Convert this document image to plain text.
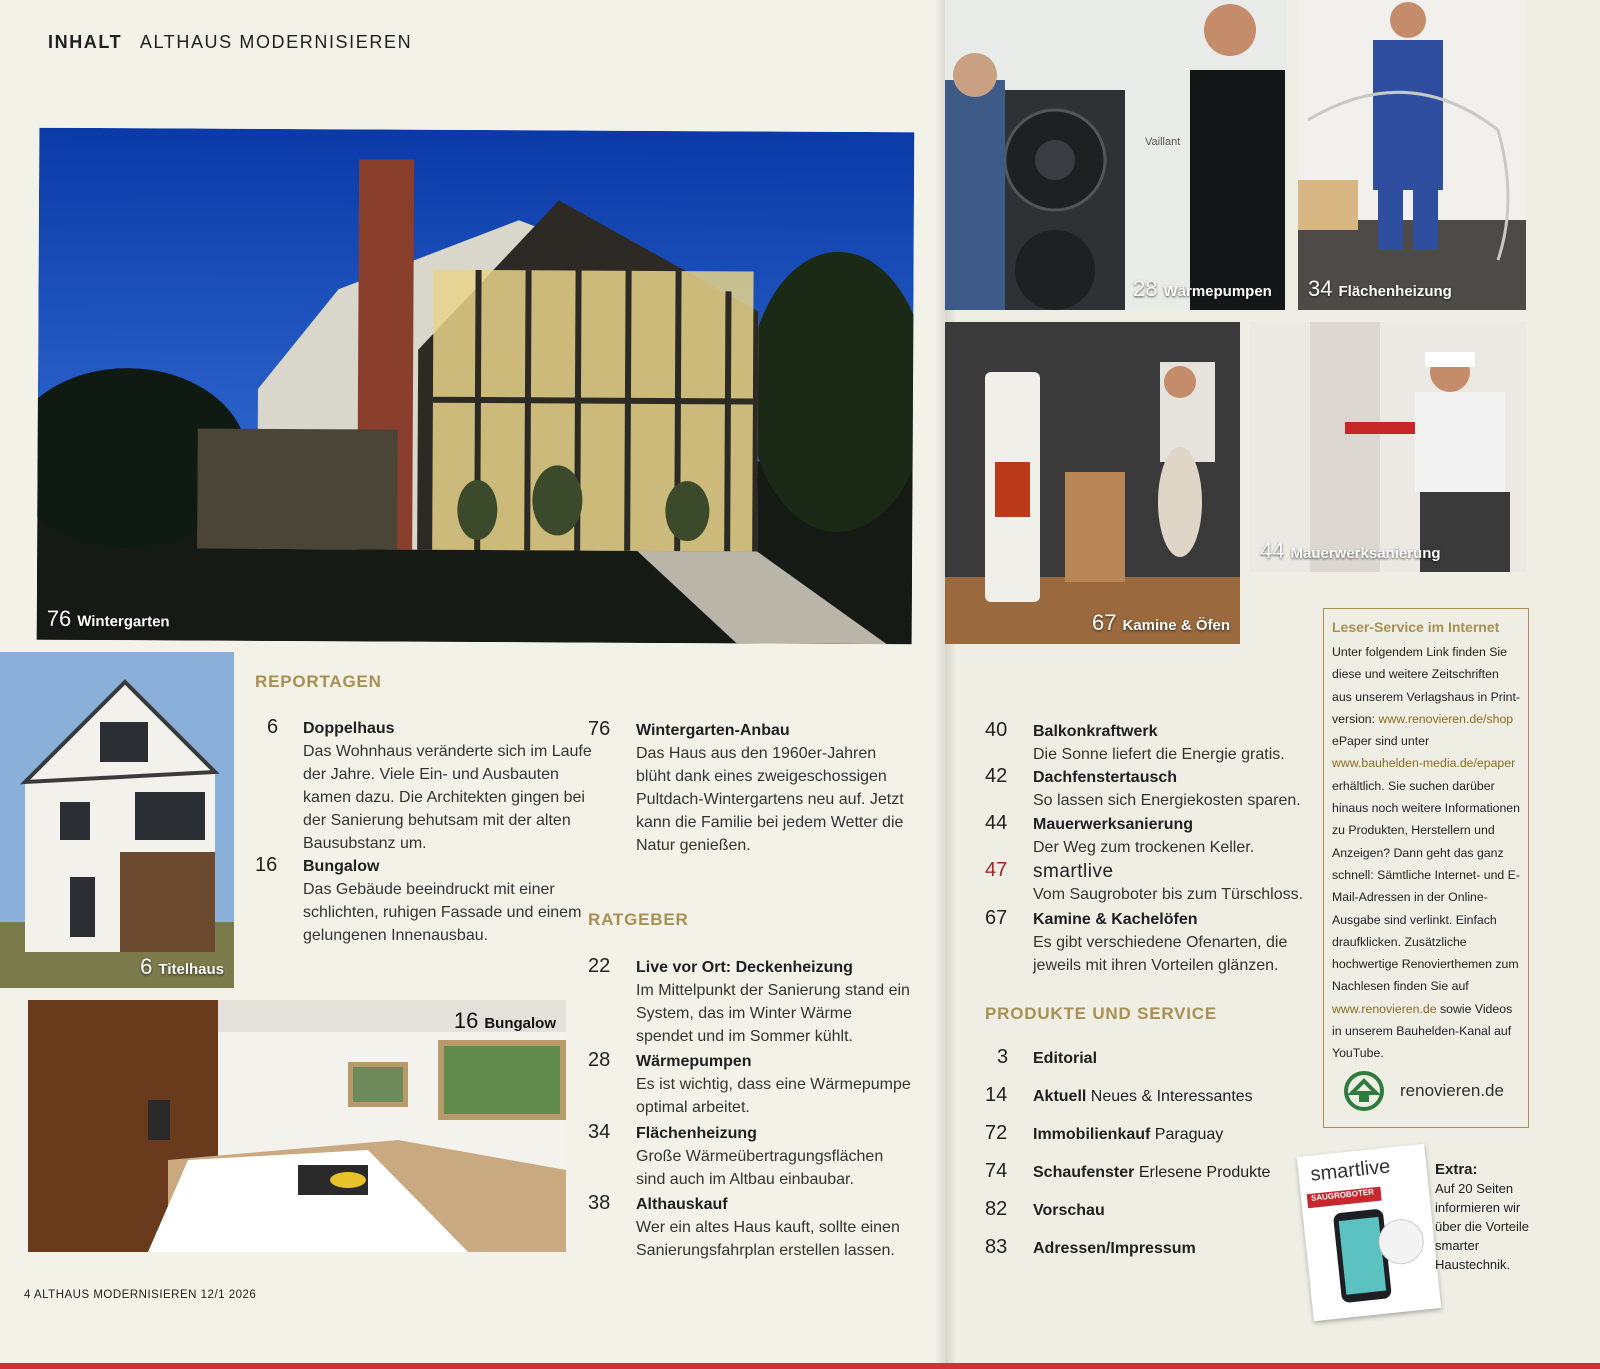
INHALT ALTHAUS MODERNISIEREN
76 Wintergarten
6 Titelhaus
16 Bungalow
Vaillant
28 Wärmepumpen 34 Flächenheizung
67 Kamine & Öfen
44 Mauerwerksanierung
REPORTAGEN
6 Doppelhaus
Das Wohnhaus veränderte sich im Laufe der Jahre. Viele Ein- und Ausbauten kamen dazu. Die Architekten gingen bei der Sanierung behutsam mit der alten Bausubstanz um.
16 Bungalow
Das Gebäude beeindruckt mit einer schlichten, ruhigen Fassade und einem gelungenen Innenausbau.
76 Wintergarten-Anbau
Das Haus aus den 1960er-Jahren blüht dank eines zweigeschossigen Pultdach-Wintergartens neu auf. Jetzt kann die Familie bei jedem Wetter die Natur genießen.
RATGEBER
22 Live vor Ort: Deckenheizung
Im Mittelpunkt der Sanierung stand ein System, das im Winter Wärme spendet und im Sommer kühlt.
28 Wärmepumpen
Es ist wichtig, dass eine Wärmepumpe optimal arbeitet.
34 Flächenheizung
Große Wärmeübertragungsflächen sind auch im Altbau einbaubar.
38 Althauskauf
Wer ein altes Haus kauft, sollte einen Sanierungsfahrplan erstellen lassen.
40 Balkonkraftwerk
Die Sonne liefert die Energie gratis.
42 Dachfenstertausch
So lassen sich Energiekosten sparen.
44 Mauerwerksanierung
Der Weg zum trockenen Keller.
47 smartlive
Vom Saugroboter bis zum Türschloss.
67 Kamine & Kachelöfen
Es gibt verschiedene Ofenarten, die jeweils mit ihren Vorteilen glänzen.
PRODUKTE UND SERVICE
3 Editorial
14 Aktuell Neues & Interessantes
72 Immobilienkauf Paraguay
74 Schaufenster Erlesene Produkte
82 Vorschau
83 Adressen/Impressum
Leser-Service im Internet
Unter folgendem Link finden Sie diese und weitere Zeitschriften aus unserem Verlagshaus in Print-version: www.renovieren.de/shop ePaper sind unter www.bauhelden-media.de/epaper erhältlich. Sie suchen darüber hinaus noch weitere Informationen zu Produkten, Herstellern und Anzeigen? Dann geht das ganz schnell: Sämtliche Internet- und E-Mail-Adressen in der Online-Ausgabe sind verlinkt. Einfach draufklicken. Zusätzliche hochwertige Renovierthemen zum Nachlesen finden Sie auf www.renovieren.de sowie Videos in unserem Bauhelden-Kanal auf YouTube.
renovieren.de
smartlive
SAUGROBOTER
Extra:
Auf 20 Seiten informieren wir über die Vorteile smarter Haustechnik.
4 ALTHAUS MODERNISIEREN 12/1 2026
